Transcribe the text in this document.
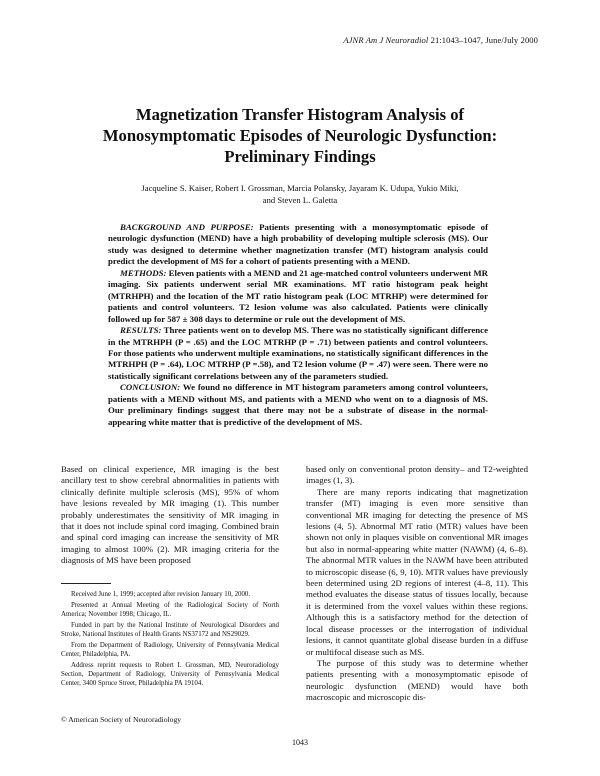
AJNR Am J Neuroradiol 21:1043–1047, June/July 2000
Magnetization Transfer Histogram Analysis of
Monosymptomatic Episodes of Neurologic Dysfunction:
Preliminary Findings
Jacqueline S. Kaiser, Robert I. Grossman, Marcia Polansky, Jayaram K. Udupa, Yukio Miki,
and Steven L. Galetta

BACKGROUND AND PURPOSE: Patients presenting with a monosymptomatic episode of neurologic dysfunction (MEND) have a high probability of developing multiple sclerosis (MS). Our study was designed to determine whether magnetization transfer (MT) histogram analysis could predict the development of MS for a cohort of patients presenting with a MEND.

METHODS: Eleven patients with a MEND and 21 age-matched control volunteers underwent MR imaging. Six patients underwent serial MR examinations. MT ratio histogram peak height (MTRHPH) and the location of the MT ratio histogram peak (LOC MTRHP) were determined for patients and control volunteers. T2 lesion volume was also calculated. Patients were clinically followed up for 587 ± 308 days to determine or rule out the development of MS.

RESULTS: Three patients went on to develop MS. There was no statistically significant difference in the MTRHPH (P = .65) and the LOC MTRHP (P = .71) between patients and control volunteers. For those patients who underwent multiple examinations, no statistically significant differences in the MTRHPH (P = .64), LOC MTRHP (P =.58), and T2 lesion volume (P = .47) were seen. There were no statistically significant correlations between any of the parameters studied.

CONCLUSION: We found no difference in MT histogram parameters among control volunteers, patients with a MEND without MS, and patients with a MEND who went on to a diagnosis of MS. Our preliminary findings suggest that there may not be a substrate of disease in the normal-appearing white matter that is predictive of the development of MS.

Based on clinical experience, MR imaging is the best ancillary test to show cerebral abnormalities in patients with clinically definite multiple sclerosis (MS), 95% of whom have lesions revealed by MR imaging (1). This number probably underestimates the sensitivity of MR imaging in that it does not include spinal cord imaging. Combined brain and spinal cord imaging can increase the sensitivity of MR imaging to almost 100% (2). MR imaging criteria for the diagnosis of MS have been proposed

based only on conventional proton density– and T2-weighted images (1, 3).

There are many reports indicating that magnetization transfer (MT) imaging is even more sensitive than conventional MR imaging for detecting the presence of MS lesions (4, 5). Abnormal MT ratio (MTR) values have been shown not only in plaques visible on conventional MR images but also in normal-appearing white matter (NAWM) (4, 6–8). The abnormal MTR values in the NAWM have been attributed to microscopic disease (6, 9, 10). MTR values have previously been determined using 2D regions of interest (4–8, 11). This method evaluates the disease status of tissues locally, because it is determined from the voxel values within these regions. Although this is a satisfactory method for the detection of local disease processes or the interrogation of individual lesions, it cannot quantitate global disease burden in a diffuse or multifocal disease such as MS.

The purpose of this study was to determine whether patients presenting with a monosymptomatic episode of neurologic dysfunction (MEND) would have both macroscopic and microscopic dis-

Received June 1, 1999; accepted after revision January 10, 2000.

Presented at Annual Meeting of the Radiological Society of North America; November 1998; Chicago, IL.

Funded in part by the National Institute of Neurological Disorders and Stroke, National Institutes of Health Grants NS37172 and NS29029.

From the Department of Radiology, University of Pennsylvania Medical Center, Philadelphia, PA.

Address reprint requests to Robert I. Grossman, MD, Neuroradiology Section, Department of Radiology, University of Pennsylvania Medical Center, 3400 Spruce Street, Philadelphia PA 19104.

© American Society of Neuroradiology
1043
